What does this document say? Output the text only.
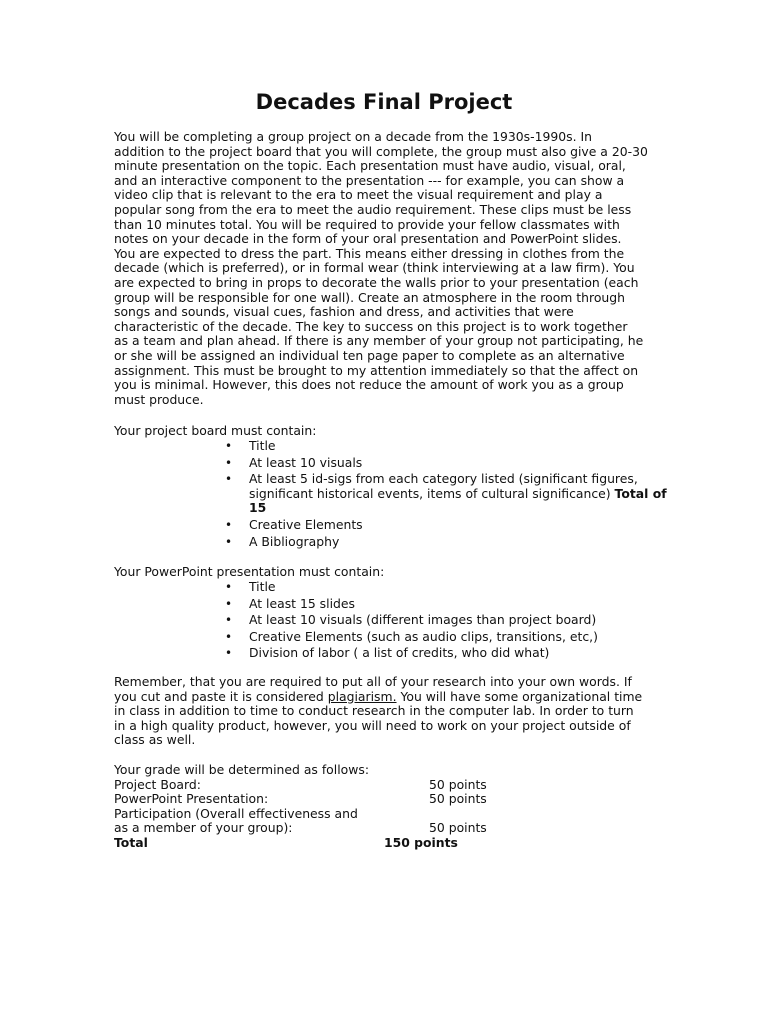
Decades Final Project
You will be completing a group project on a decade from the 1930s-1990s. In
addition to the project board that you will complete, the group must also give a 20-30
minute presentation on the topic. Each presentation must have audio, visual, oral,
and an interactive component to the presentation --- for example, you can show a
video clip that is relevant to the era to meet the visual requirement and play a
popular song from the era to meet the audio requirement. These clips must be less
than 10 minutes total. You will be required to provide your fellow classmates with
notes on your decade in the form of your oral presentation and PowerPoint slides.
You are expected to dress the part. This means either dressing in clothes from the
decade (which is preferred), or in formal wear (think interviewing at a law firm). You
are expected to bring in props to decorate the walls prior to your presentation (each
group will be responsible for one wall). Create an atmosphere in the room through
songs and sounds, visual cues, fashion and dress, and activities that were
characteristic of the decade. The key to success on this project is to work together
as a team and plan ahead. If there is any member of your group not participating, he
or she will be assigned an individual ten page paper to complete as an alternative
assignment. This must be brought to my attention immediately so that the affect on
you is minimal. However, this does not reduce the amount of work you as a group
must produce.

Your project board must contain:

• Title
• At least 10 visuals
• At least 5 id-sigs from each category listed (significant figures, significant historical events, items of cultural significance) Total of 15
• Creative Elements
• A Bibliography

Your PowerPoint presentation must contain:

• Title
• At least 15 slides
• At least 10 visuals (different images than project board)
• Creative Elements (such as audio clips, transitions, etc,)
• Division of labor ( a list of credits, who did what)
Remember, that you are required to put all of your research into your own words. If
you cut and paste it is considered plagiarism. You will have some organizational time
in class in addition to time to conduct research in the computer lab. In order to turn
in a high quality product, however, you will need to work on your project outside of
class as well.
Your grade will be determined as follows:
Project Board:	50 points
PowerPoint Presentation:	50 points
Participation (Overall effectiveness and
as a member of your group):	50 points
Total	150 points
